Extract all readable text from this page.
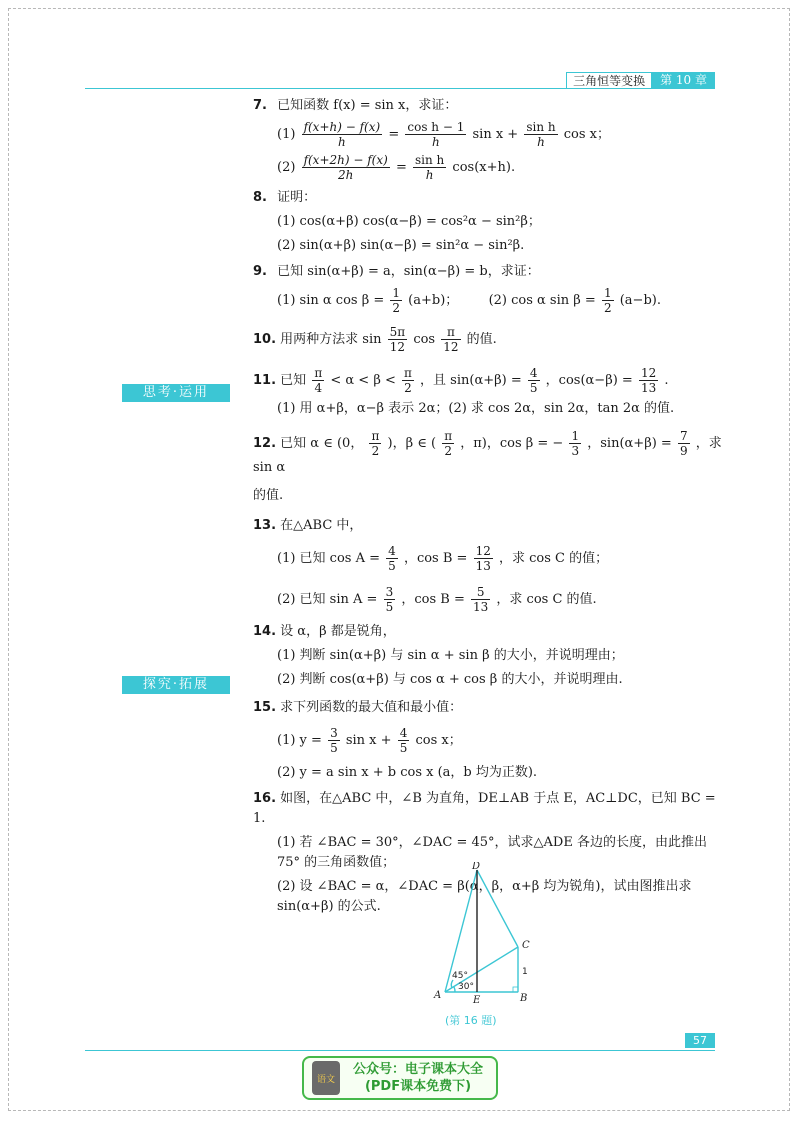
三角恒等变换	第 10 章
思考·运用
探究·拓展
7. 已知函数 f(x) = sin x，求证：
$(1) \frac{f(x+h) - f(x)}{h} = \frac{\text{cos h − 1}}{h}$ $\sin x + \frac{\text{sin h}}{h}$ cos x；
$(2) \frac{f(x+2h) - f(x)}{2h} = \frac{\text{sin h}}{h} \cos(x+h)$.
8. 证明：
(1) cos(α+β) cos(α−β) = cos²α − sin²β；
(2) sin(α+β) sin(α−β) = sin²α − sin²β.
9. 已知 sin(α+β) = a，sin(α−β) = b，求证：
(1) sin α $\cos \beta = \frac{1}{2} (a+b)$； (2) cos α $\sin \beta = \frac{1}{2} (a-b)$.
10. 用两种方法求 $\sin \frac{5\pi}{12}$ $\cos \frac{\pi}{12}$ 的值.
11. 已知 $\frac{\pi}{4} < \alpha < \beta < \frac{\pi}{2}$ ，且 $\sin(\alpha+\beta) = \frac{4}{5}$ ，$\cos(\alpha-\beta) = \frac{12}{13}$ .
(1) 用 α+β，α−β 表示 2α；(2) 求 cos 2α，sin 2α，tan 2α 的值.
12. 已知 α ∈ (0， $\frac{\pi}{2}$ )，β ∈ ( $\frac{\pi}{2}$ ，π)，cos β = − $\frac{1}{3}$ ，$\sin(\alpha+\beta) = \frac{7}{9}$ ，求 sin α
的值.
13. 在△ABC 中，
(1) 已知 $\cos A = \frac{4}{5}$ ，$\cos B = \frac{12}{13}$ ，求 cos C 的值；
(2) 已知 $\sin A = \frac{3}{5}$ ，$\cos B = \frac{5}{13}$ ，求 cos C 的值.
14. 设 α，β 都是锐角，
(1) 判断 sin(α+β) 与 sin α + sin β 的大小，并说明理由；
(2) 判断 cos(α+β) 与 cos α + cos β 的大小，并说明理由.
15. 求下列函数的最大值和最小值：
(1) $y = \frac{3}{5}$ $\sin x + \frac{4}{5}$ cos x；
(2) y = a sin x + b cos x (a，b 均为正数).
16. 如图，在△ABC 中，∠B 为直角，DE⊥AB 于点 E，AC⊥DC，已知 BC = 1.
(1) 若 ∠BAC = 30°，∠DAC = 45°，试求△ADE 各边的长度，由此推出 75° 的三角函数值；
(2) 设 ∠BAC = α，∠DAC = β(α，β，α+β 均为锐角)，试由图推出求 sin(α+β) 的公式.
D
C
A	E	B
1
45°
30°
(第 16 题)
57
语文
公众号：电子课本大全
(PDF课本免费下)
